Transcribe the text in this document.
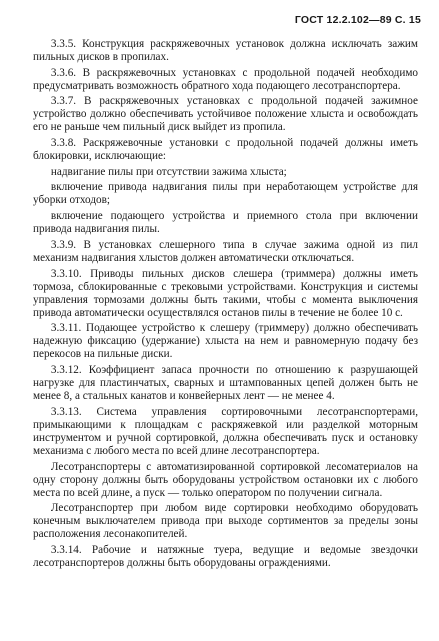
ГОСТ 12.2.102—89 С. 15

3.3.5. Конструкция раскряжевочных установок должна исключать зажим пильных дисков в пропилах.

3.3.6. В раскряжевочных установках с продольной подачей необходимо предусматривать возможность обратного хода подающего лесотранспортера.

3.3.7. В раскряжевочных установках с продольной подачей зажимное устройство должно обеспечивать устойчивое положение хлыста и освобождать его не раньше чем пильный диск выйдет из пропила.

3.3.8. Раскряжевочные установки с продольной подачей должны иметь блокировки, исключающие:

надвигание пилы при отсутствии зажима хлыста;

включение привода надвигания пилы при неработающем устройстве для уборки отходов;

включение подающего устройства и приемного стола при включении привода надвигания пилы.

3.3.9. В установках слешерного типа в случае зажима одной из пил механизм надвигания хлыстов должен автоматически отключаться.

3.3.10. Приводы пильных дисков слешера (триммера) должны иметь тормоза, сблокированные с трековыми устройствами. Конструкция и системы управления тормозами должны быть такими, чтобы с момента выключения привода автоматически осуществлялся останов пилы в течение не более 10 с.

3.3.11. Подающее устройство к слешеру (триммеру) должно обеспечивать надежную фиксацию (удержание) хлыста на нем и равномерную подачу без перекосов на пильные диски.

3.3.12. Коэффициент запаса прочности по отношению к разрушающей нагрузке для пластинчатых, сварных и штампованных цепей должен быть не менее 8, а стальных канатов и конвейерных лент — не менее 4.

3.3.13. Система управления сортировочными лесотранспортерами, примыкающими к площадкам с раскряжевкой или разделкой моторным инструментом и ручной сортировкой, должна обеспечивать пуск и остановку механизма с любого места по всей длине лесотранспортера.

Лесотранспортеры с автоматизированной сортировкой лесоматериалов на одну сторону должны быть оборудованы устройством остановки их с любого места по всей длине, а пуск — только оператором по получении сигнала.

Лесотранспортер при любом виде сортировки необходимо оборудовать конечным выключателем привода при выходе сортиментов за пределы зоны расположения лесонакопителей.

3.3.14. Рабочие и натяжные туера, ведущие и ведомые звездочки лесотранспортеров должны быть оборудованы ограждениями.
